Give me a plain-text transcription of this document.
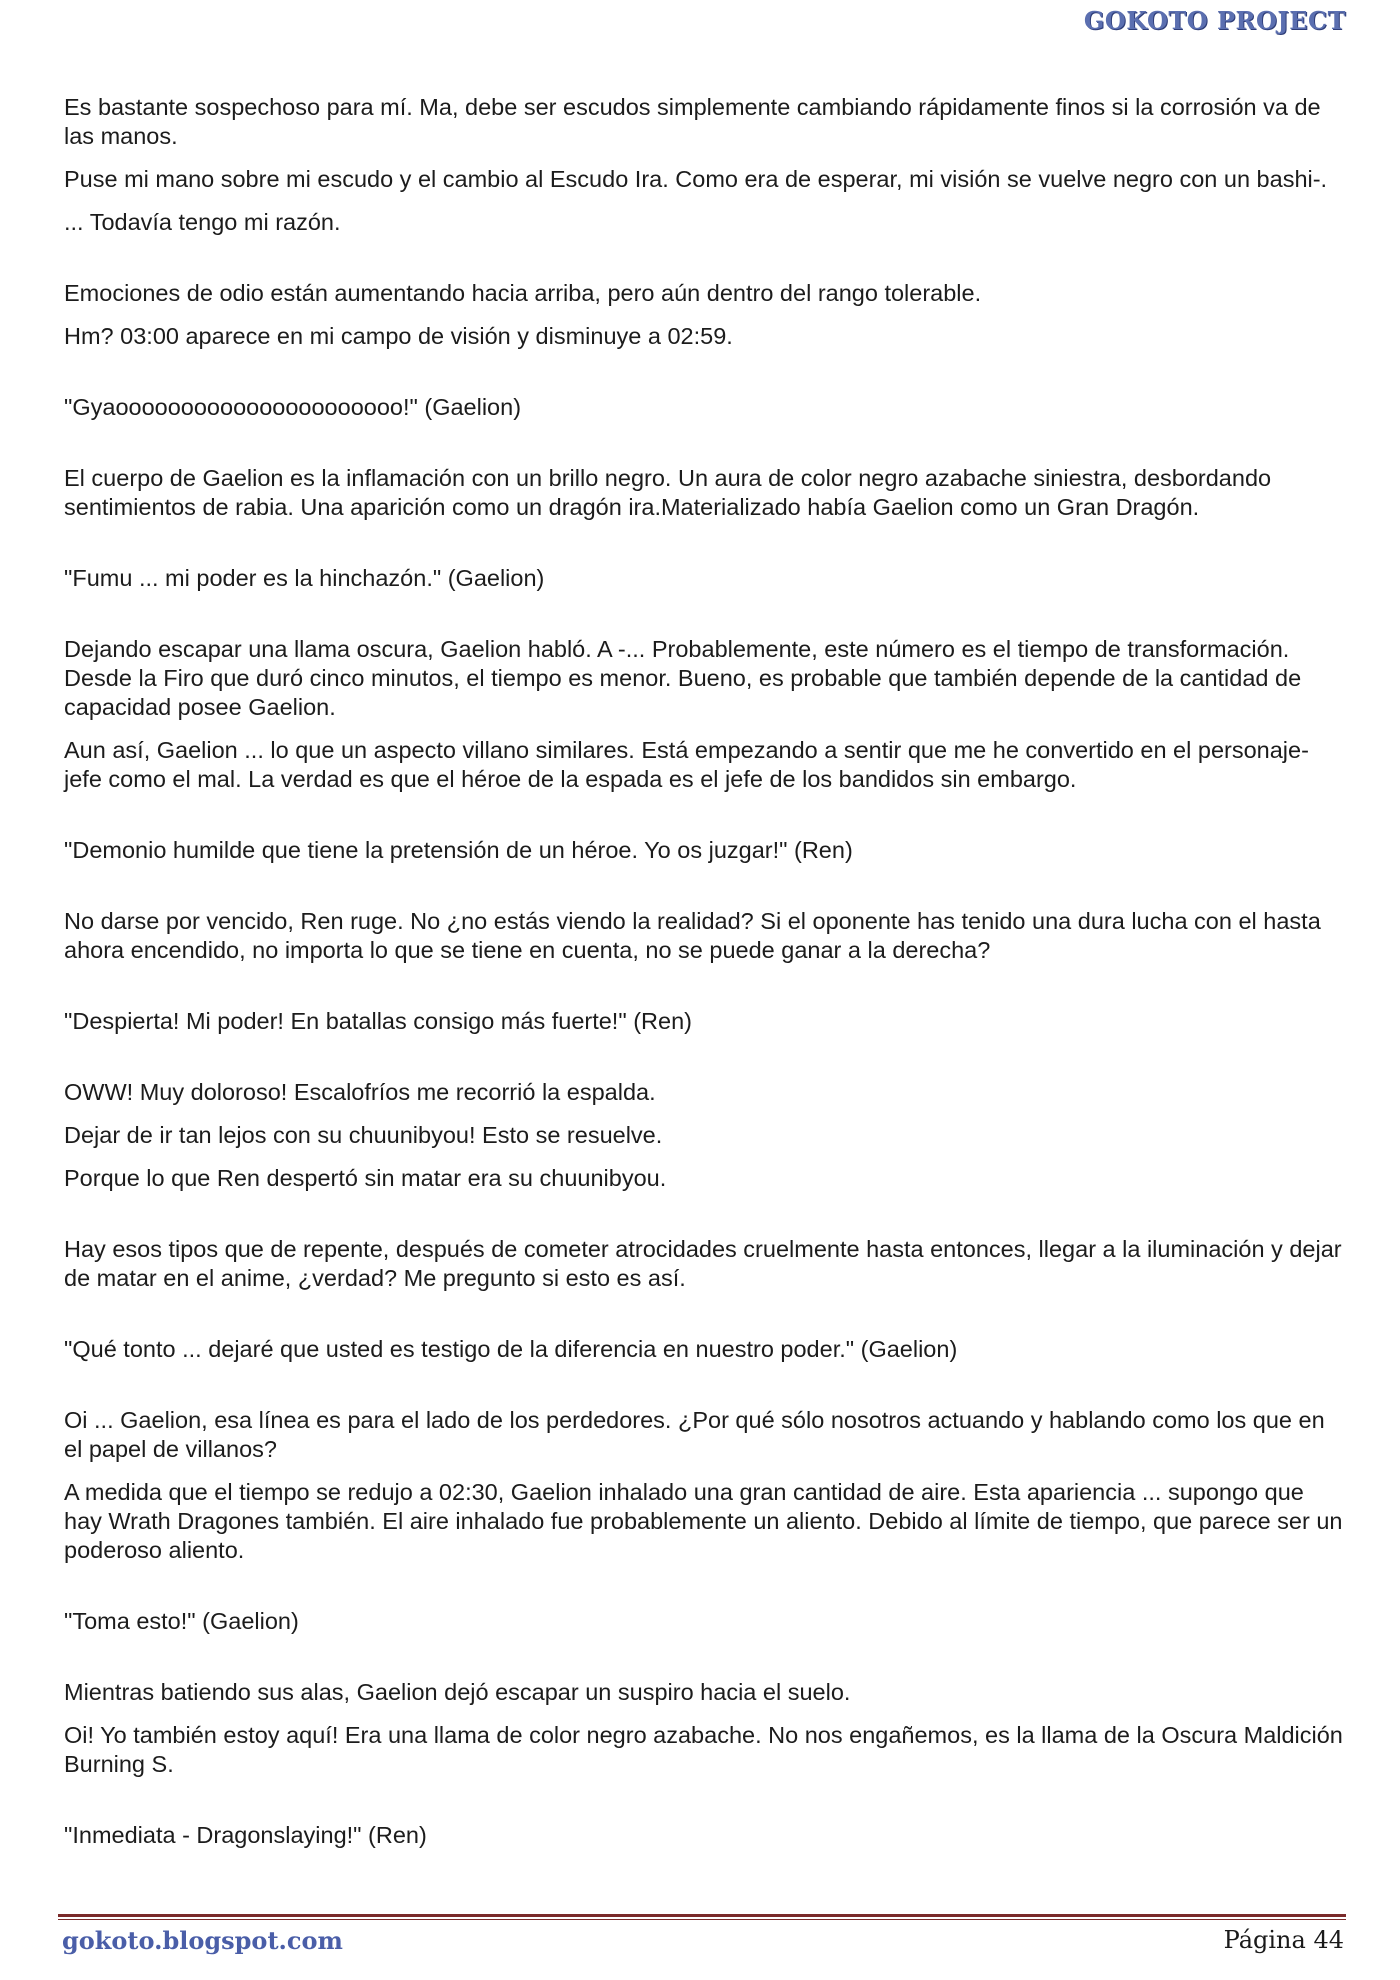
GOKOTO PROJECT

Es bastante sospechoso para mí. Ma, debe ser escudos simplemente cambiando rápidamente finos si la corrosión va de las manos.

Puse mi mano sobre mi escudo y el cambio al Escudo Ira. Como era de esperar, mi visión se vuelve negro con un bashi-.

... Todavía tengo mi razón.

Emociones de odio están aumentando hacia arriba, pero aún dentro del rango tolerable.

Hm? 03:00 aparece en mi campo de visión y disminuye a 02:59.

"Gyaoooooooooooooooooooooo!" (Gaelion)

El cuerpo de Gaelion es la inflamación con un brillo negro. Un aura de color negro azabache siniestra, desbordando sentimientos de rabia. Una aparición como un dragón ira.Materializado había Gaelion como un Gran Dragón.

"Fumu ... mi poder es la hinchazón." (Gaelion)

Dejando escapar una llama oscura, Gaelion habló. A -... Probablemente, este número es el tiempo de transformación. Desde la Firo que duró cinco minutos, el tiempo es menor. Bueno, es probable que también depende de la cantidad de capacidad posee Gaelion.

Aun así, Gaelion ... lo que un aspecto villano similares. Está empezando a sentir que me he convertido en el personaje-jefe como el mal. La verdad es que el héroe de la espada es el jefe de los bandidos sin embargo.

"Demonio humilde que tiene la pretensión de un héroe. Yo os juzgar!" (Ren)

No darse por vencido, Ren ruge. No ¿no estás viendo la realidad? Si el oponente has tenido una dura lucha con el hasta ahora encendido, no importa lo que se tiene en cuenta, no se puede ganar a la derecha?

"Despierta! Mi poder! En batallas consigo más fuerte!" (Ren)

OWW! Muy doloroso! Escalofríos me recorrió la espalda.

Dejar de ir tan lejos con su chuunibyou! Esto se resuelve.

Porque lo que Ren despertó sin matar era su chuunibyou.

Hay esos tipos que de repente, después de cometer atrocidades cruelmente hasta entonces, llegar a la iluminación y dejar de matar en el anime, ¿verdad? Me pregunto si esto es así.

"Qué tonto ... dejaré que usted es testigo de la diferencia en nuestro poder." (Gaelion)

Oi ... Gaelion, esa línea es para el lado de los perdedores. ¿Por qué sólo nosotros actuando y hablando como los que en el papel de villanos?

A medida que el tiempo se redujo a 02:30, Gaelion inhalado una gran cantidad de aire. Esta apariencia ... supongo que hay Wrath Dragones también. El aire inhalado fue probablemente un aliento. Debido al límite de tiempo, que parece ser un poderoso aliento.

"Toma esto!" (Gaelion)

Mientras batiendo sus alas, Gaelion dejó escapar un suspiro hacia el suelo.

Oi! Yo también estoy aquí! Era una llama de color negro azabache. No nos engañemos, es la llama de la Oscura Maldición Burning S.

"Inmediata - Dragonslaying!" (Ren)

gokoto.blogspot.com	Página 44
